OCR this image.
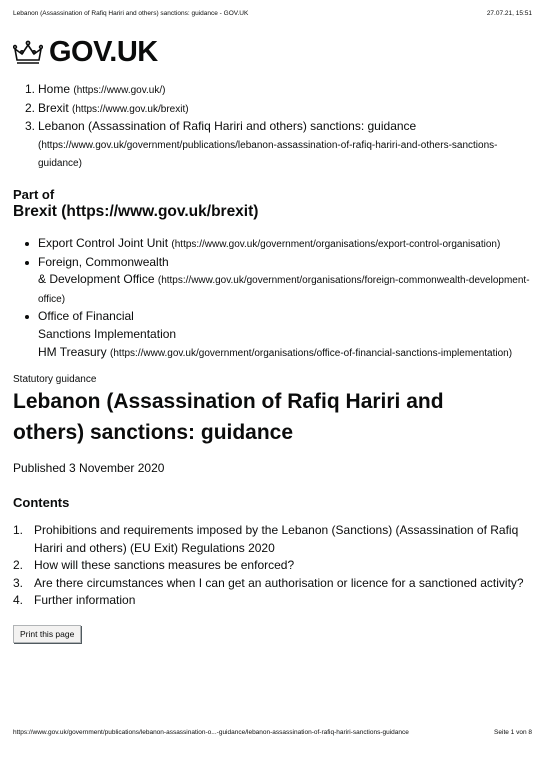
Lebanon (Assassination of Rafiq Hariri and others) sanctions: guidance - GOV.UK	27.07.21, 15:51
GOV.UK
1. Home (https://www.gov.uk/)
2. Brexit (https://www.gov.uk/brexit)
3. Lebanon (Assassination of Rafiq Hariri and others) sanctions: guidance
(https://www.gov.uk/government/publications/lebanon-assassination-of-rafiq-hariri-and-others-sanctions-guidance)
Part of
Brexit (https://www.gov.uk/brexit)
Export Control Joint Unit (https://www.gov.uk/government/organisations/export-control-organisation)
Foreign, Commonwealth
& Development Office (https://www.gov.uk/government/organisations/foreign-commonwealth-development-office)
Office of Financial
Sanctions Implementation
HM Treasury (https://www.gov.uk/government/organisations/office-of-financial-sanctions-implementation)
Statutory guidance
Lebanon (Assassination of Rafiq Hariri and others) sanctions: guidance
Published 3 November 2020
Contents
1. Prohibitions and requirements imposed by the Lebanon (Sanctions) (Assassination of Rafiq Hariri and others) (EU Exit) Regulations 2020
2. How will these sanctions measures be enforced?
3. Are there circumstances when I can get an authorisation or licence for a sanctioned activity?
4. Further information
Print this page
https://www.gov.uk/government/publications/lebanon-assassination-o...-guidance/lebanon-assassination-of-rafiq-hariri-sanctions-guidance	Seite 1 von 8
